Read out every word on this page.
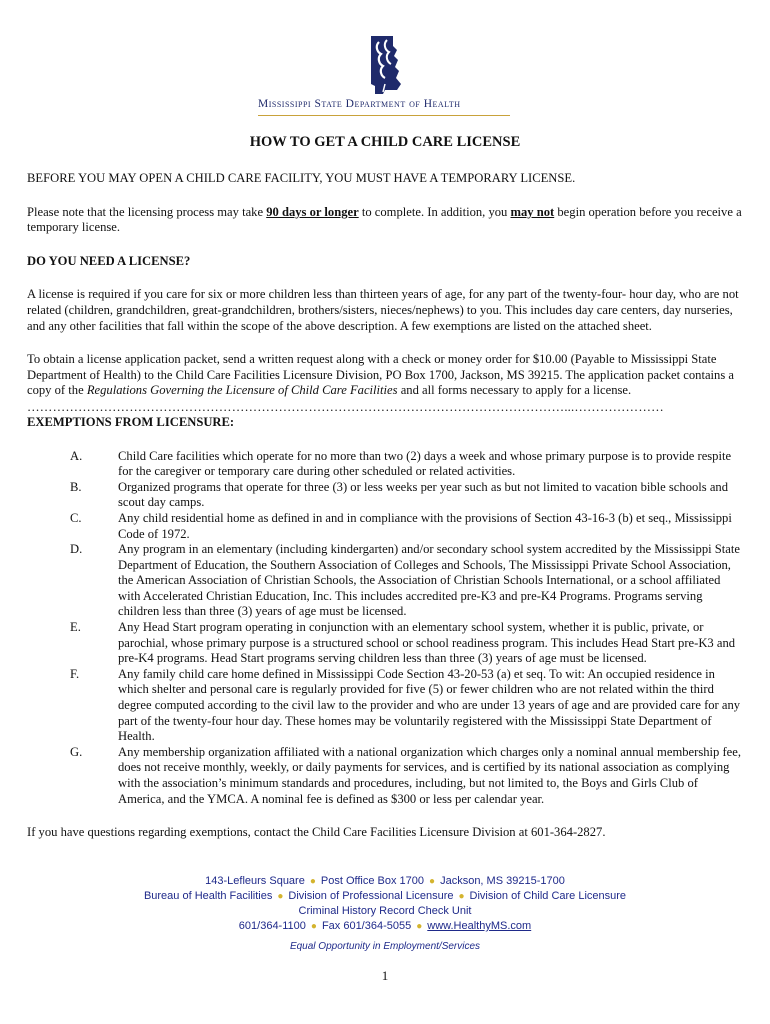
Mississippi State Department of Health
HOW TO GET A CHILD CARE LICENSE

BEFORE YOU MAY OPEN A CHILD CARE FACILITY, YOU MUST HAVE A TEMPORARY LICENSE.

Please note that the licensing process may take 90 days or longer to complete. In addition, you may not begin operation before you receive a temporary license.

DO YOU NEED A LICENSE?

A license is required if you care for six or more children less than thirteen years of age, for any part of the twenty-four- hour day, who are not related (children, grandchildren, great-grandchildren, brothers/sisters, nieces/nephews) to you. This includes day care centers, day nurseries, and any other facilities that fall within the scope of the above description. A few exemptions are listed on the attached sheet.

To obtain a license application packet, send a written request along with a check or money order for $10.00 (Payable to Mississippi State Department of Health) to the Child Care Facilities Licensure Division, PO Box 1700, Jackson, MS 39215. The application packet contains a copy of the Regulations Governing the Licensure of Child Care Facilities and all forms necessary to apply for a license.

………………………………………………………………………………………………………………...…………………

EXEMPTIONS FROM LICENSURE:

A.	Child Care facilities which operate for no more than two (2) days a week and whose primary purpose is to provide respite for the caregiver or temporary care during other scheduled or related activities.
B.	Organized programs that operate for three (3) or less weeks per year such as but not limited to vacation bible schools and scout day camps.
C.	Any child residential home as defined in and in compliance with the provisions of Section 43-16-3 (b) et seq., Mississippi Code of 1972.
D.	Any program in an elementary (including kindergarten) and/or secondary school system accredited by the Mississippi State Department of Education, the Southern Association of Colleges and Schools, The Mississippi Private School Association, the American Association of Christian Schools, the Association of Christian Schools International, or a school affiliated with Accelerated Christian Education, Inc. This includes accredited pre-K3 and pre-K4 Programs. Programs serving children less than three (3) years of age must be licensed.
E.	Any Head Start program operating in conjunction with an elementary school system, whether it is public, private, or parochial, whose primary purpose is a structured school or school readiness program. This includes Head Start pre-K3 and pre-K4 programs. Head Start programs serving children less than three (3) years of age must be licensed.
F.	Any family child care home defined in Mississippi Code Section 43-20-53 (a) et seq. To wit: An occupied residence in which shelter and personal care is regularly provided for five (5) or fewer children who are not related within the third degree computed according to the civil law to the provider and who are under 13 years of age and are provided care for any part of the twenty-four hour day. These homes may be voluntarily registered with the Mississippi State Department of Health.
G.	Any membership organization affiliated with a national organization which charges only a nominal annual membership fee, does not receive monthly, weekly, or daily payments for services, and is certified by its national association as complying with the association’s minimum standards and procedures, including, but not limited to, the Boys and Girls Club of America, and the YMCA. A nominal fee is defined as $300 or less per calendar year.

If you have questions regarding exemptions, contact the Child Care Facilities Licensure Division at 601-364-2827.

143-Lefleurs Square ● Post Office Box 1700 ● Jackson, MS 39215-1700
Bureau of Health Facilities ● Division of Professional Licensure ● Division of Child Care Licensure
Criminal History Record Check Unit
601/364-1100 ● Fax 601/364-5055 ● www.HealthyMS.com
Equal Opportunity in Employment/Services
1
